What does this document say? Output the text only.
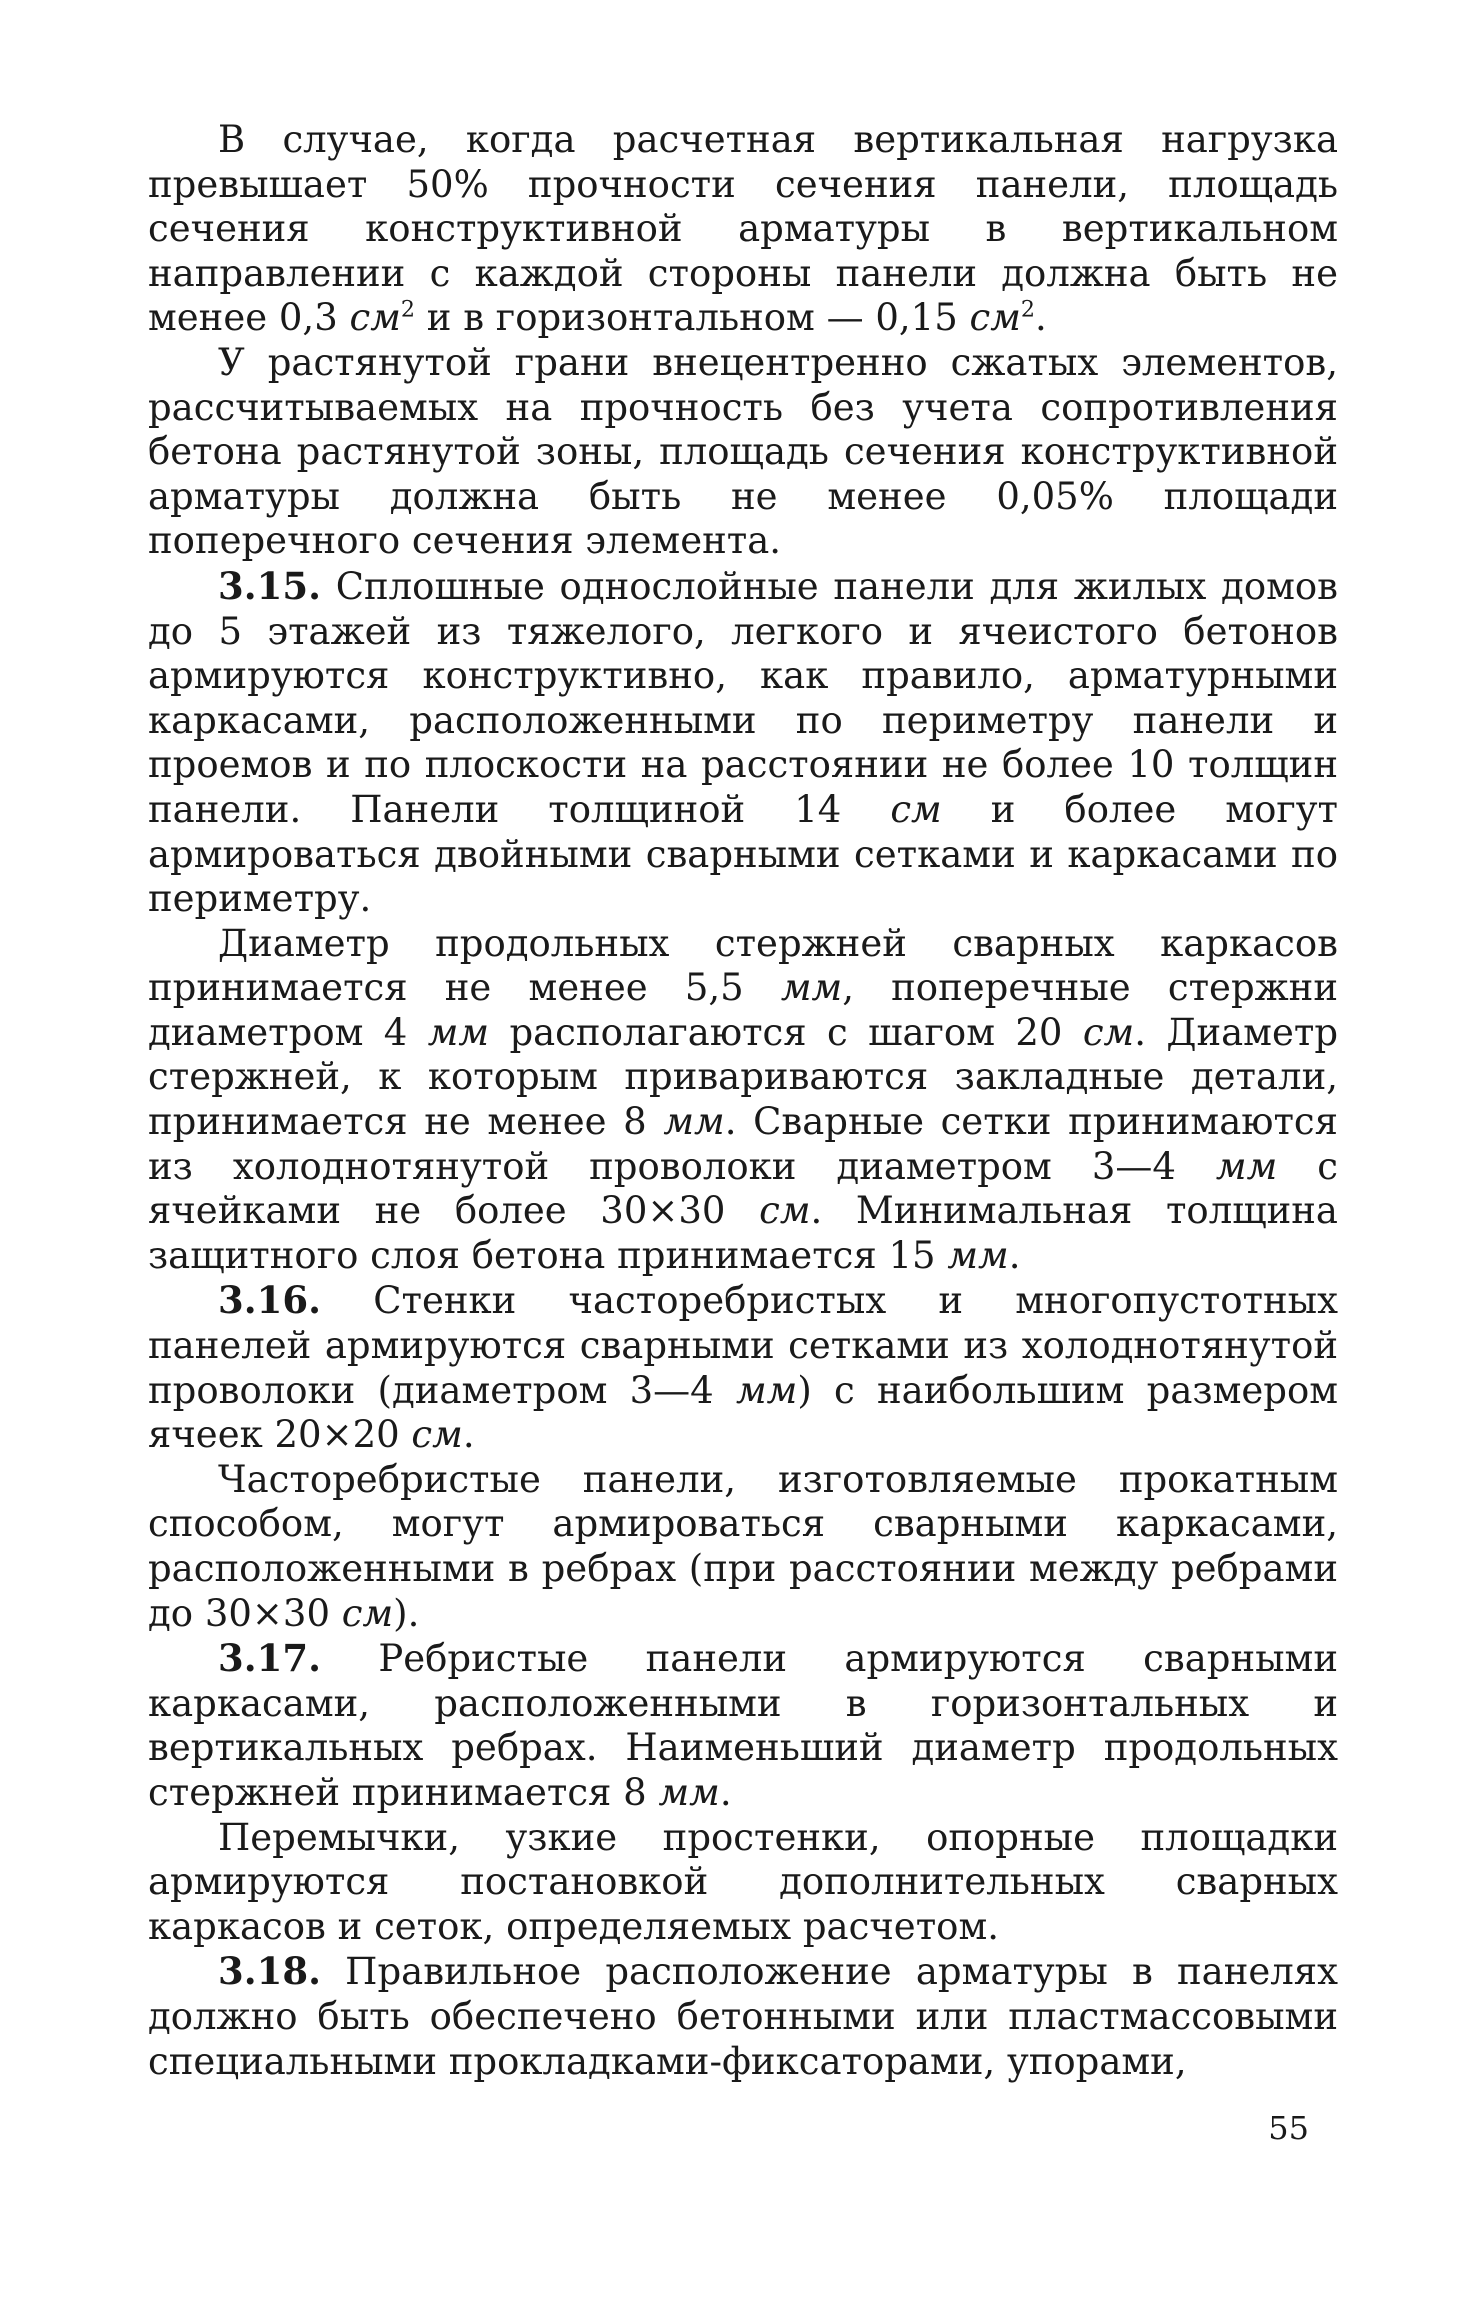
В случае, когда расчетная вертикальная нагрузка превышает 50% прочности сечения панели, площадь сечения конструктивной арматуры в вертикальном направлении с каждой стороны панели должна быть не менее 0,3 $см^2$ и в горизонтальном — 0,15 $см^2$.

У растянутой грани внецентренно сжатых элементов, рассчитываемых на прочность без учета сопротивления бетона растянутой зоны, площадь сечения конструктивной арматуры должна быть не менее 0,05% площади поперечного сечения элемента.

3.15. Сплошные однослойные панели для жилых домов до 5 этажей из тяжелого, легкого и ячеистого бетонов армируются конструктивно, как правило, арматурными каркасами, расположенными по периметру панели и проемов и по плоскости на расстоянии не более 10 толщин панели. Панели толщиной 14 см и более могут армироваться двойными сварными сетками и каркасами по периметру.

Диаметр продольных стержней сварных каркасов принимается не менее 5,5 мм, поперечные стержни диаметром 4 мм располагаются с шагом 20 см. Диаметр стержней, к которым привариваются закладные детали, принимается не менее 8 мм. Сварные сетки принимаются из холоднотянутой проволоки диаметром 3—4 мм с ячейками не более 30×30 см. Минимальная толщина защитного слоя бетона принимается 15 мм.

3.16. Стенки часторебристых и многопустотных панелей армируются сварными сетками из холоднотянутой проволоки (диаметром 3—4 мм) с наибольшим размером ячеек 20×20 см.

Часторебристые панели, изготовляемые прокатным способом, могут армироваться сварными каркасами, расположенными в ребрах (при расстоянии между ребрами до 30×30 см).

3.17. Ребристые панели армируются сварными каркасами, расположенными в горизонтальных и вертикальных ребрах. Наименьший диаметр продольных стержней принимается 8 мм.

Перемычки, узкие простенки, опорные площадки армируются постановкой дополнительных сварных каркасов и сеток, определяемых расчетом.

3.18. Правильное расположение арматуры в панелях должно быть обеспечено бетонными или пластмассовыми специальными прокладками-фиксаторами, упорами,

55
